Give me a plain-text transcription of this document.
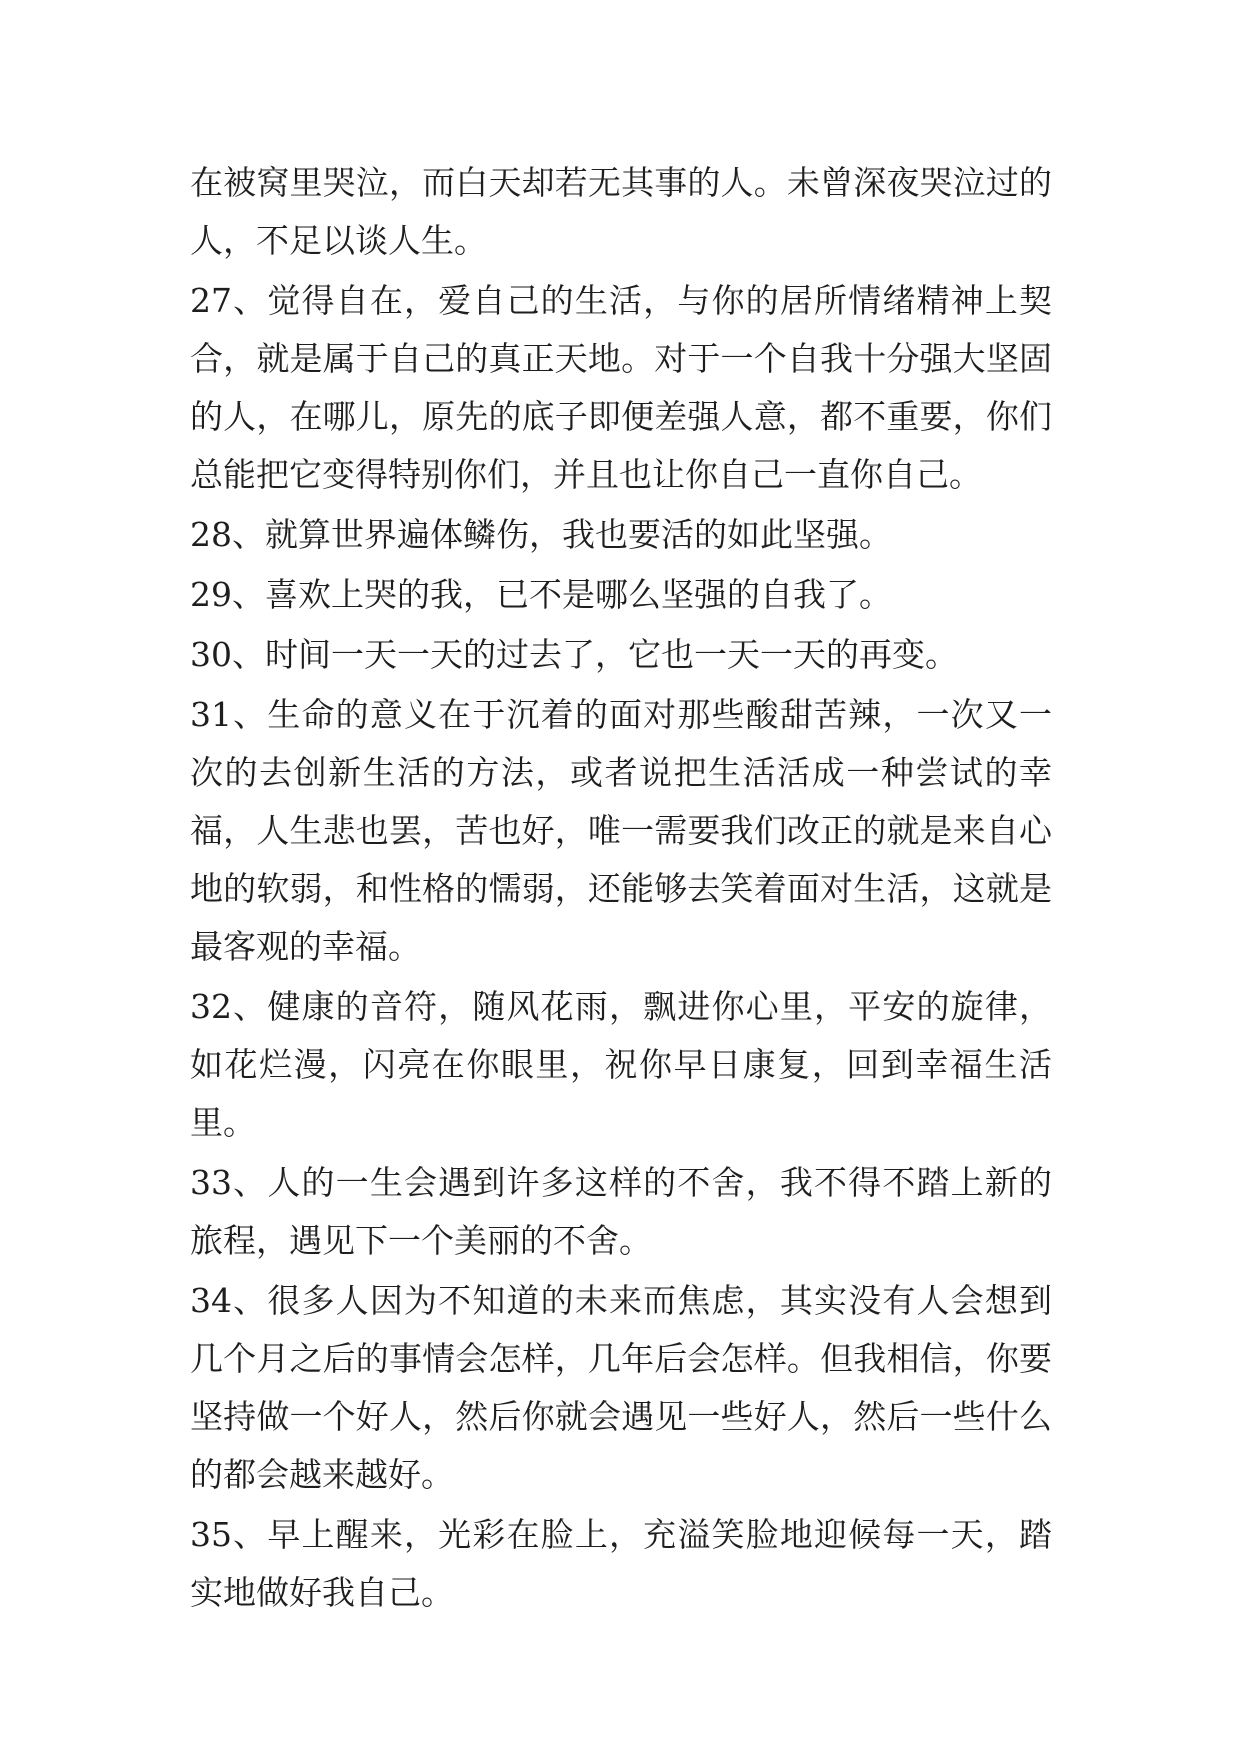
在被窝里哭泣，而白天却若无其事的人。未曾深夜哭泣过的人，不足以谈人生。

27、觉得自在，爱自己的生活，与你的居所情绪精神上契合，就是属于自己的真正天地。对于一个自我十分强大坚固的人，在哪儿，原先的底子即便差强人意，都不重要，你们总能把它变得特别你们，并且也让你自己一直你自己。

28、就算世界遍体鳞伤，我也要活的如此坚强。

29、喜欢上哭的我，已不是哪么坚强的自我了。

30、时间一天一天的过去了，它也一天一天的再变。

31、生命的意义在于沉着的面对那些酸甜苦辣，一次又一次的去创新生活的方法，或者说把生活活成一种尝试的幸福，人生悲也罢，苦也好，唯一需要我们改正的就是来自心地的软弱，和性格的懦弱，还能够去笑着面对生活，这就是最客观的幸福。

32、健康的音符，随风花雨，飘进你心里，平安的旋律，如花烂漫，闪亮在你眼里，祝你早日康复，回到幸福生活里。

33、人的一生会遇到许多这样的不舍，我不得不踏上新的旅程，遇见下一个美丽的不舍。

34、很多人因为不知道的未来而焦虑，其实没有人会想到几个月之后的事情会怎样，几年后会怎样。但我相信，你要坚持做一个好人，然后你就会遇见一些好人，然后一些什么的都会越来越好。

35、早上醒来，光彩在脸上，充溢笑脸地迎候每一天，踏实地做好我自己。
